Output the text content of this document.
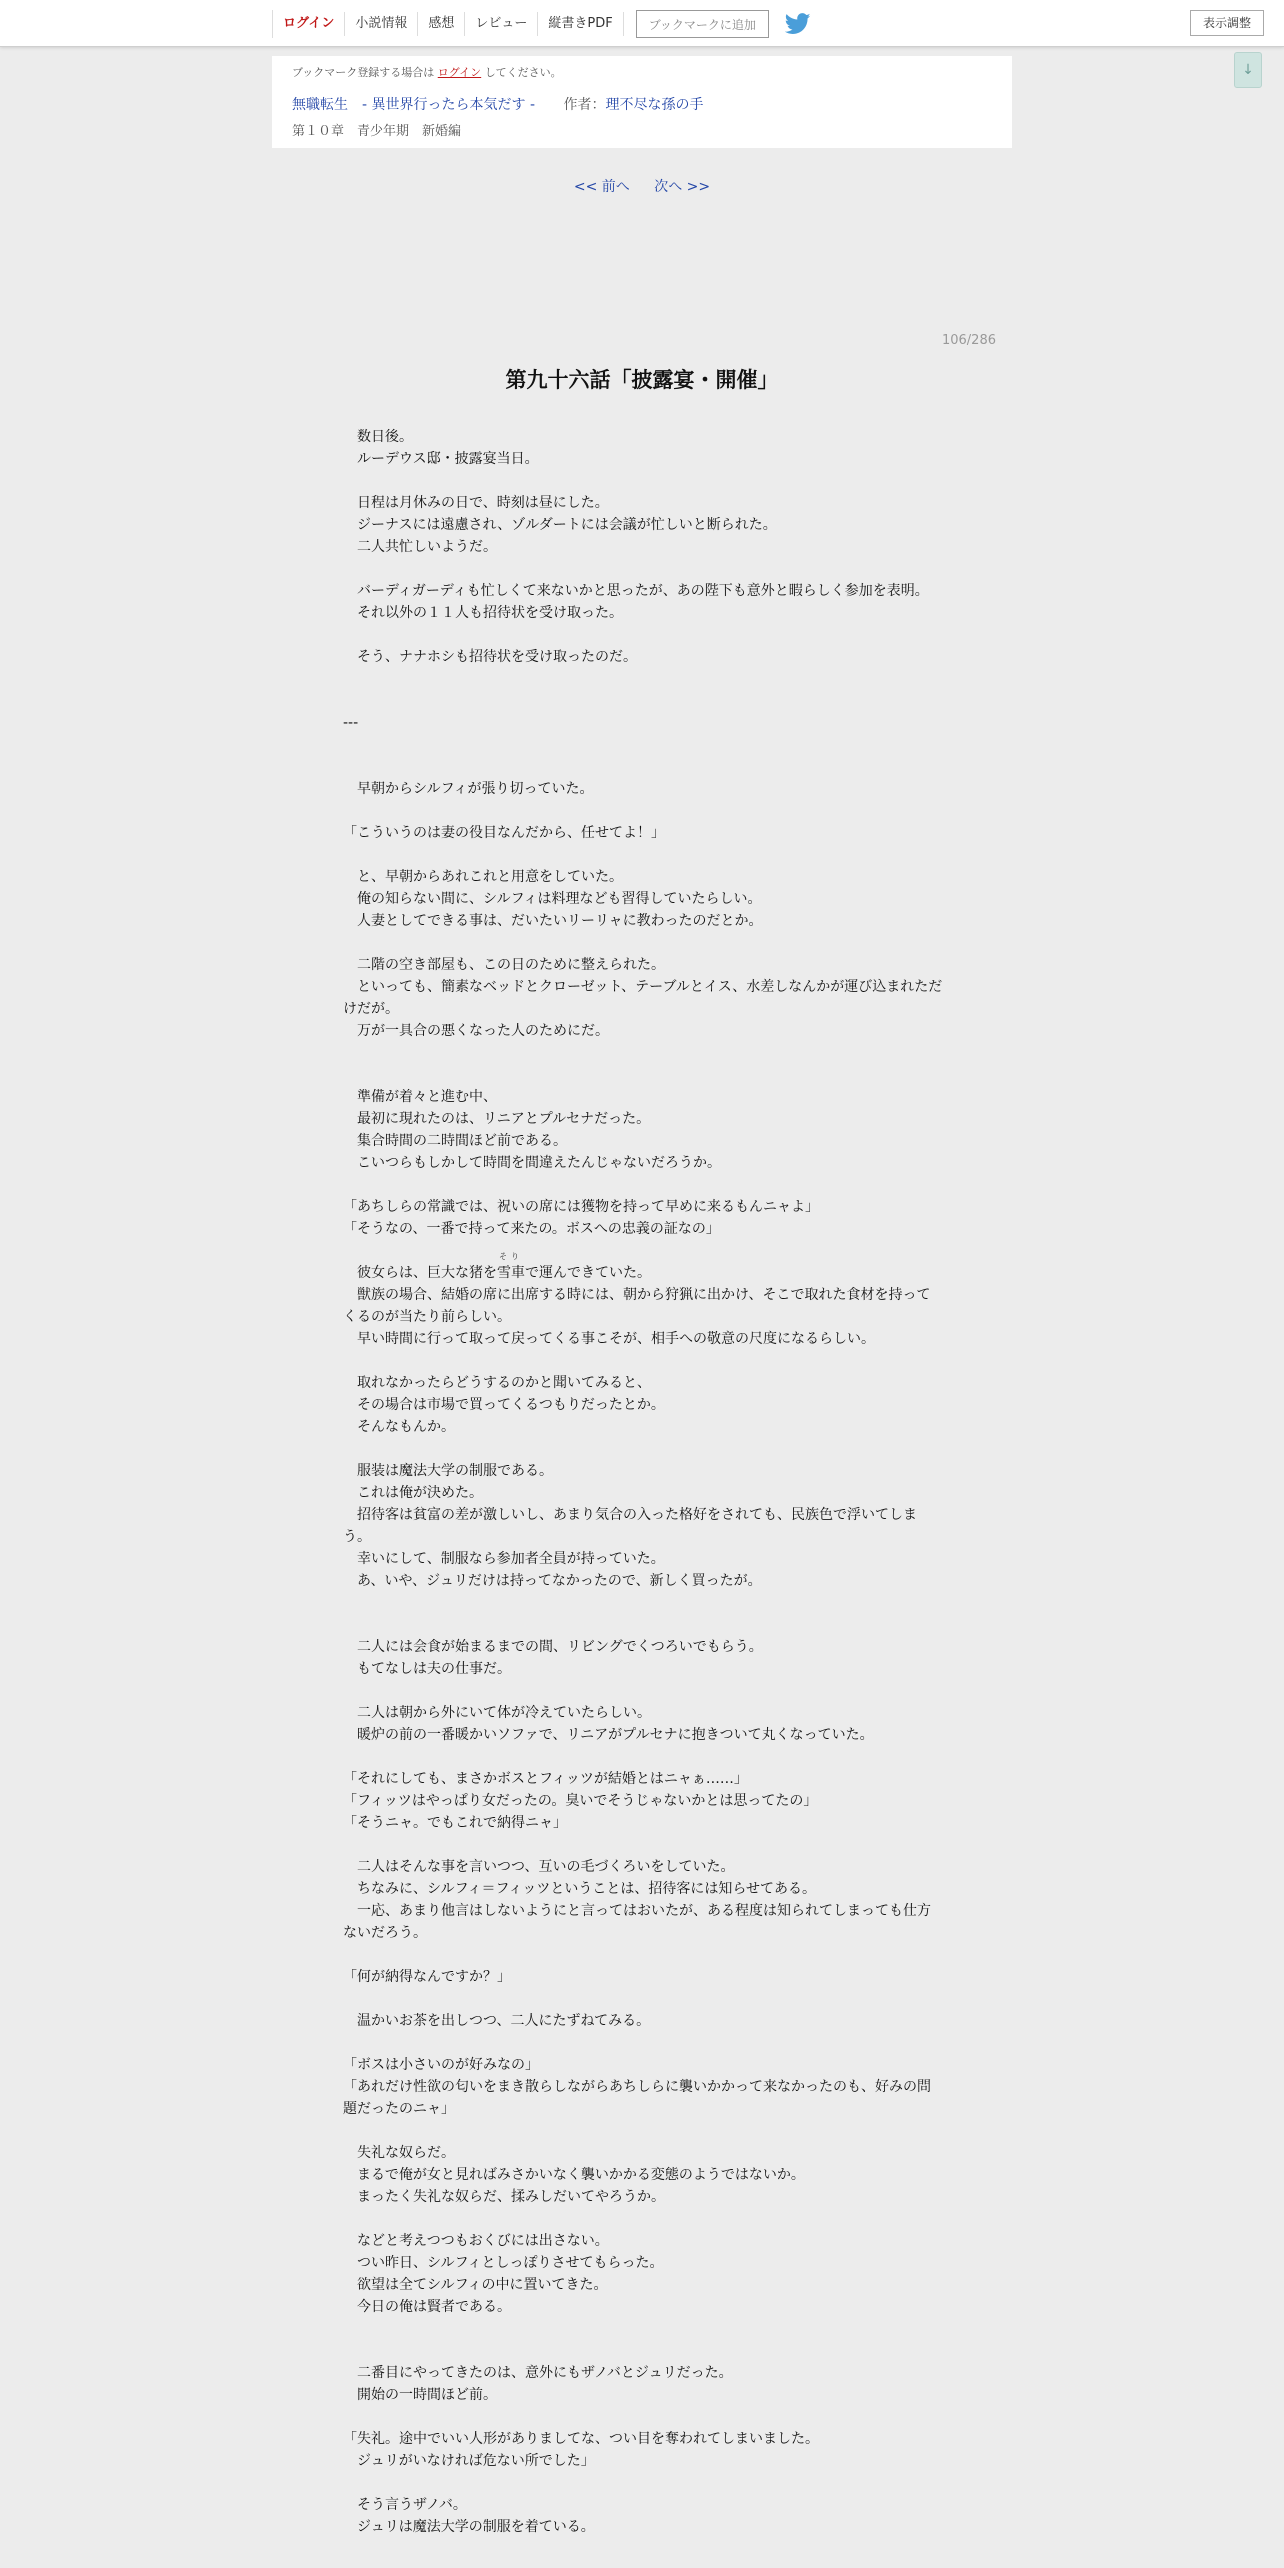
ログイン	小説情報	感想	レビュー	縦書きPDF	ブックマークに追加	表示調整
↓
ブックマーク登録する場合は ログイン してください。
無職転生　- 異世界行ったら本気だす - 作者：理不尽な孫の手
第１０章　青少年期　新婚編
<< 前へ 次へ >>
106/286
第九十六話「披露宴・開催」

　数日後。

　ルーデウス邸・披露宴当日。

　日程は月休みの日で、時刻は昼にした。

　ジーナスには遠慮され、ゾルダートには会議が忙しいと断られた。

　二人共忙しいようだ。

　バーディガーディも忙しくて来ないかと思ったが、あの陛下も意外と暇らしく参加を表明。

　それ以外の１１人も招待状を受け取った。

　そう、ナナホシも招待状を受け取ったのだ。

---

　早朝からシルフィが張り切っていた。

「こういうのは妻の役目なんだから、任せてよ！」

　と、早朝からあれこれと用意をしていた。

　俺の知らない間に、シルフィは料理なども習得していたらしい。

　人妻としてできる事は、だいたいリーリャに教わったのだとか。

　二階の空き部屋も、この日のために整えられた。

　といっても、簡素なベッドとクローゼット、テーブルとイス、水差しなんかが運び込まれただけだが。

　万が一具合の悪くなった人のためにだ。

　準備が着々と進む中、

　最初に現れたのは、リニアとプルセナだった。

　集合時間の二時間ほど前である。

　こいつらもしかして時間を間違えたんじゃないだろうか。

「あちしらの常識では、祝いの席には獲物を持って早めに来るもんニャよ」

「そうなの、一番で持って来たの。ボスへの忠義の証なの」

　彼女らは、巨大な猪を
そり
雪車で運んできていた。

　獣族の場合、結婚の席に出席する時には、朝から狩猟に出かけ、そこで取れた食材を持ってくるのが当たり前らしい。

　早い時間に行って取って戻ってくる事こそが、相手への敬意の尺度になるらしい。

　取れなかったらどうするのかと聞いてみると、

　その場合は市場で買ってくるつもりだったとか。

　そんなもんか。

　服装は魔法大学の制服である。

　これは俺が決めた。

　招待客は貧富の差が激しいし、あまり気合の入った格好をされても、民族色で浮いてしまう。

　幸いにして、制服なら参加者全員が持っていた。

　あ、いや、ジュリだけは持ってなかったので、新しく買ったが。

　二人には会食が始まるまでの間、リビングでくつろいでもらう。

　もてなしは夫の仕事だ。

　二人は朝から外にいて体が冷えていたらしい。

　暖炉の前の一番暖かいソファで、リニアがプルセナに抱きついて丸くなっていた。

「それにしても、まさかボスとフィッツが結婚とはニャぁ……」

「フィッツはやっぱり女だったの。臭いでそうじゃないかとは思ってたの」

「そうニャ。でもこれで納得ニャ」

　二人はそんな事を言いつつ、互いの毛づくろいをしていた。

　ちなみに、シルフィ＝フィッツということは、招待客には知らせてある。

　一応、あまり他言はしないようにと言ってはおいたが、ある程度は知られてしまっても仕方ないだろう。

「何が納得なんですか？」

　温かいお茶を出しつつ、二人にたずねてみる。

「ボスは小さいのが好みなの」

「あれだけ性欲の匂いをまき散らしながらあちしらに襲いかかって来なかったのも、好みの問題だったのニャ」

　失礼な奴らだ。

　まるで俺が女と見ればみさかいなく襲いかかる変態のようではないか。

　まったく失礼な奴らだ、揉みしだいてやろうか。

　などと考えつつもおくびには出さない。

　つい昨日、シルフィとしっぽりさせてもらった。

　欲望は全てシルフィの中に置いてきた。

　今日の俺は賢者である。

　二番目にやってきたのは、意外にもザノバとジュリだった。

　開始の一時間ほど前。

「失礼。途中でいい人形がありましてな、つい目を奪われてしまいました。

　ジュリがいなければ危ない所でした」

　そう言うザノバ。

　ジュリは魔法大学の制服を着ている。
